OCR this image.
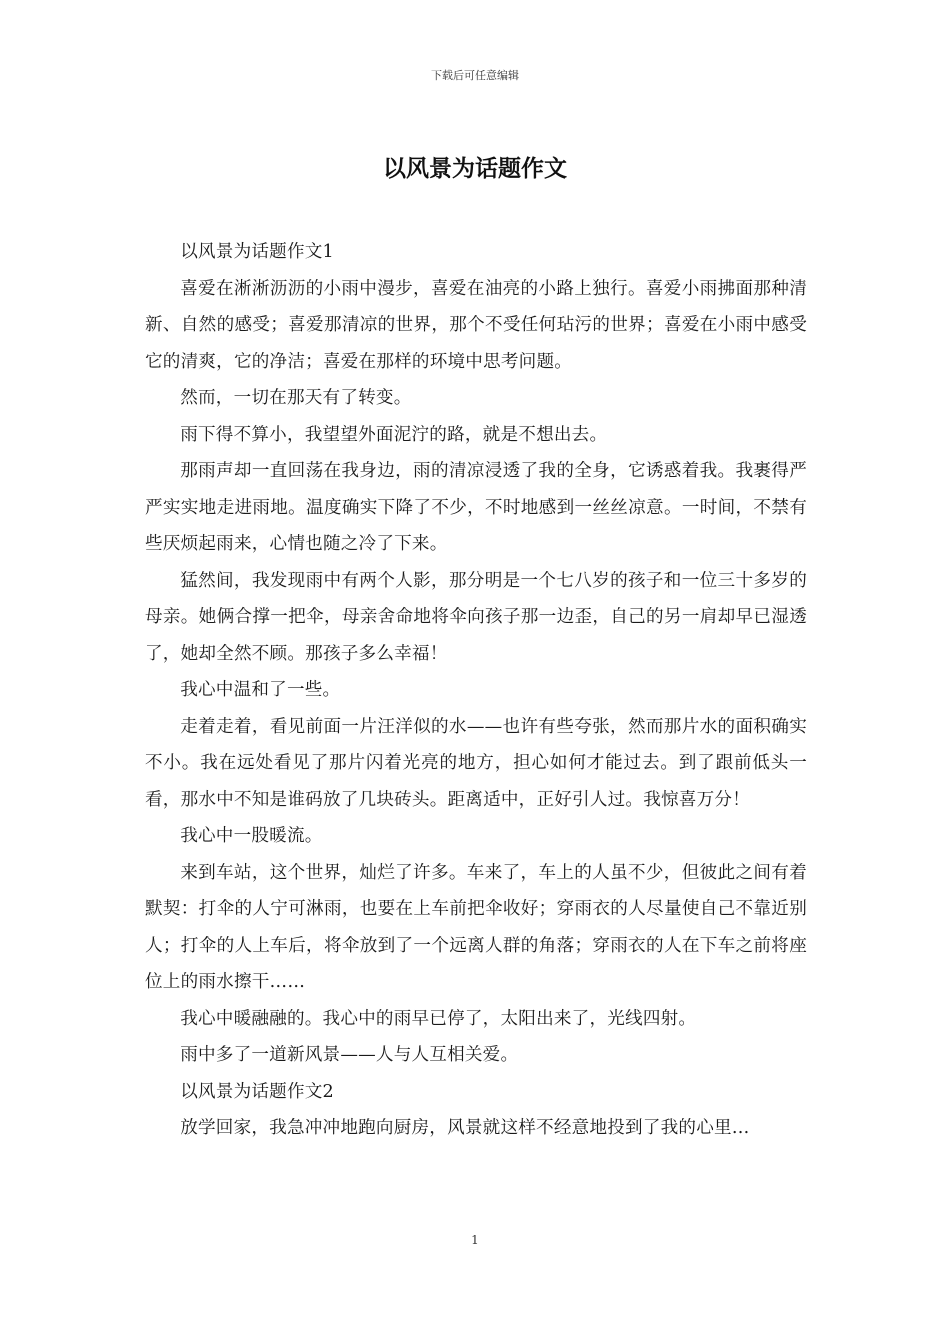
下载后可任意编辑
以风景为话题作文

以风景为话题作文1

喜爱在淅淅沥沥的小雨中漫步，喜爱在油亮的小路上独行。喜爱小雨拂面那种清新、自然的感受；喜爱那清凉的世界，那个不受任何玷污的世界；喜爱在小雨中感受它的清爽，它的净洁；喜爱在那样的环境中思考问题。

然而，一切在那天有了转变。

雨下得不算小，我望望外面泥泞的路，就是不想出去。

那雨声却一直回荡在我身边，雨的清凉浸透了我的全身，它诱惑着我。我裹得严严实实地走进雨地。温度确实下降了不少，不时地感到一丝丝凉意。一时间，不禁有些厌烦起雨来，心情也随之冷了下来。

猛然间，我发现雨中有两个人影，那分明是一个七八岁的孩子和一位三十多岁的母亲。她俩合撑一把伞，母亲舍命地将伞向孩子那一边歪，自己的另一肩却早已湿透了，她却全然不顾。那孩子多么幸福！

我心中温和了一些。

走着走着，看见前面一片汪洋似的水——也许有些夸张，然而那片水的面积确实不小。我在远处看见了那片闪着光亮的地方，担心如何才能过去。到了跟前低头一看，那水中不知是谁码放了几块砖头。距离适中，正好引人过。我惊喜万分！

我心中一股暖流。

来到车站，这个世界，灿烂了许多。车来了，车上的人虽不少，但彼此之间有着默契：打伞的人宁可淋雨，也要在上车前把伞收好；穿雨衣的人尽量使自己不靠近别人；打伞的人上车后，将伞放到了一个远离人群的角落；穿雨衣的人在下车之前将座位上的雨水擦干……

我心中暖融融的。我心中的雨早已停了，太阳出来了，光线四射。

雨中多了一道新风景——人与人互相关爱。

以风景为话题作文2

放学回家，我急冲冲地跑向厨房，风景就这样不经意地投到了我的心里…

1
